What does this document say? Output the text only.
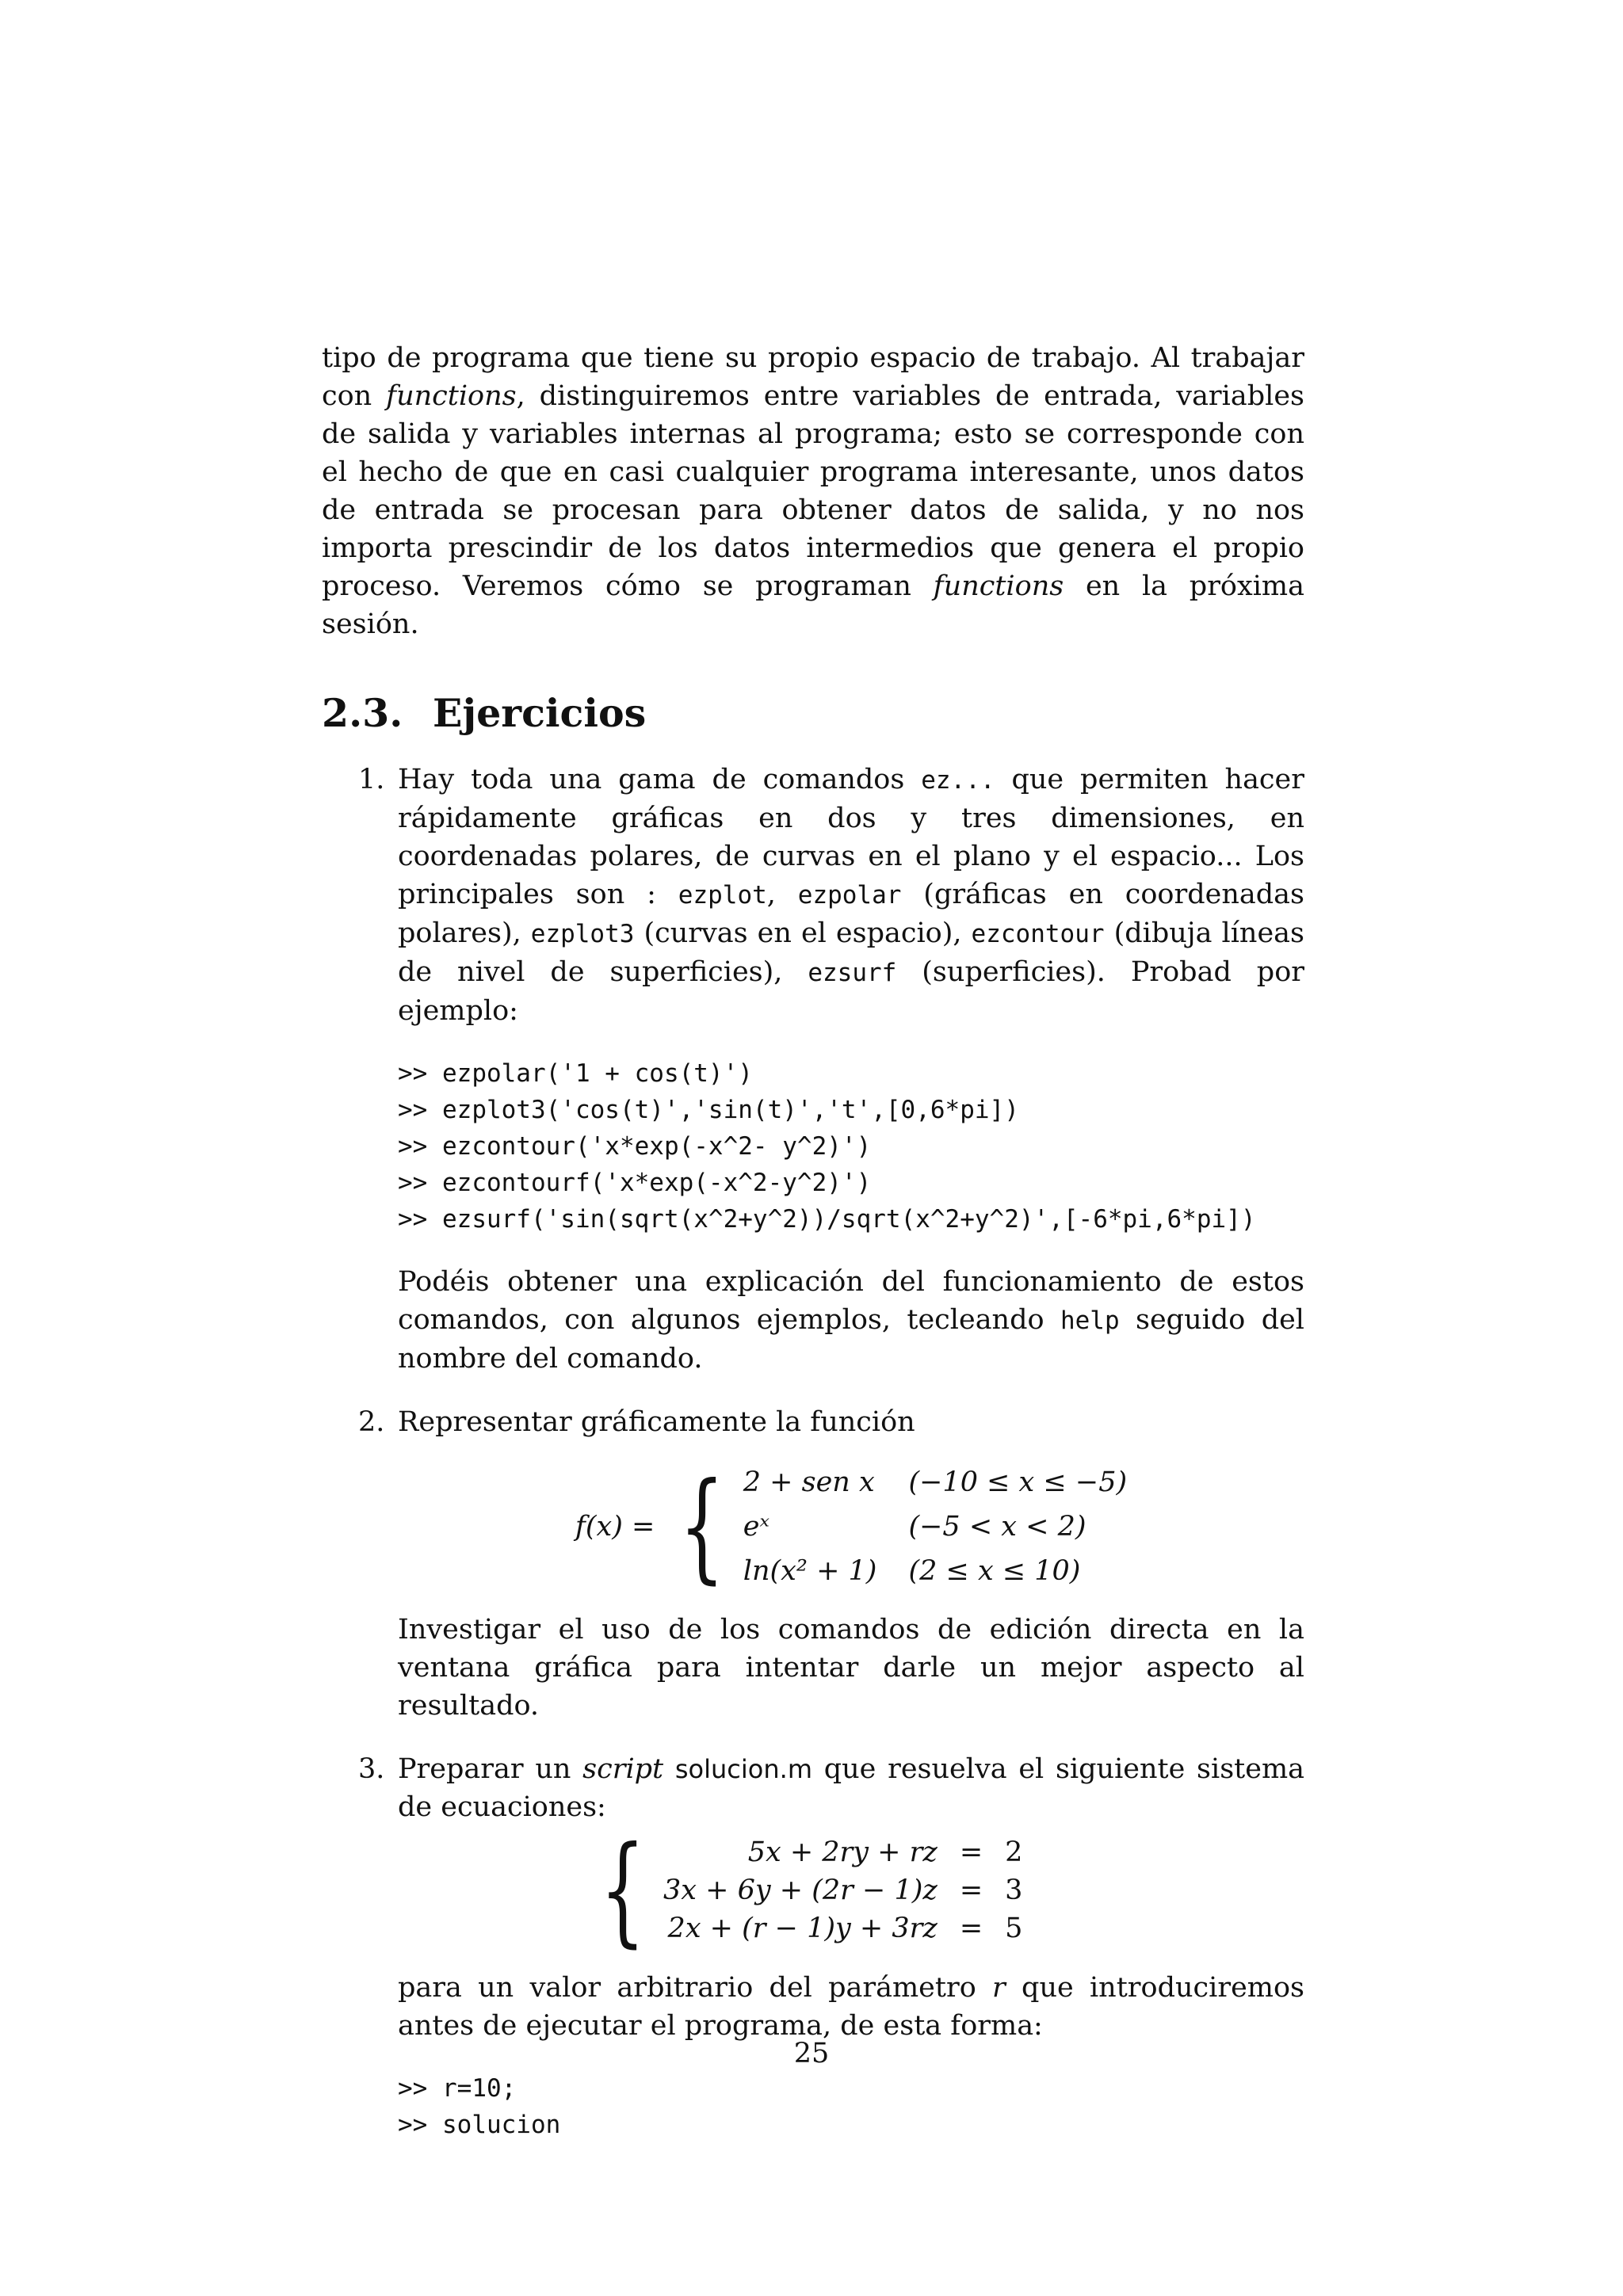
tipo de programa que tiene su propio espacio de trabajo. Al trabajar con functions, distinguiremos entre variables de entrada, variables de salida y variables internas al programa; esto se corresponde con el hecho de que en casi cualquier programa interesante, unos datos de entrada se procesan para obtener datos de salida, y no nos importa prescindir de los datos intermedios que genera el propio proceso. Veremos cómo se programan functions en la próxima sesión.

2.3. Ejercicios
1. Hay toda una gama de comandos ez... que permiten hacer rápidamente gráficas en dos y tres dimensiones, en coordenadas polares, de curvas en el plano y el espacio... Los principales son : ezplot, ezpolar (gráficas en coordenadas polares), ezplot3 (curvas en el espacio), ezcontour (dibuja líneas de nivel de superficies), ezsurf (superficies). Probad por ejemplo:

>> ezpolar('1 + cos(t)')
>> ezplot3('cos(t)','sin(t)','t',[0,6*pi])
>> ezcontour('x*exp(-x^2- y^2)')
>> ezcontourf('x*exp(-x^2-y^2)')
>> ezsurf('sin(sqrt(x^2+y^2))/sqrt(x^2+y^2)',[-6*pi,6*pi])

Podéis obtener una explicación del funcionamiento de estos comandos, con algunos ejemplos, tecleando help seguido del nombre del comando.

2. Representar gráficamente la función

f(x) = { 2 + sen x (−10 ≤ x ≤ −5)
eˣ	(−5 < x < 2)
ln(x² + 1) (2 ≤ x ≤ 10)

Investigar el uso de los comandos de edición directa en la ventana gráfica para intentar darle un mejor aspecto al resultado.

3. Preparar un script solucion.m que resuelva el siguiente sistema de ecuaciones:

{	5x + 2ry + rz = 2
3x + 6y + (2r − 1)z = 3
2x + (r − 1)y + 3rz = 5

para un valor arbitrario del parámetro r que introduciremos antes de ejecutar el programa, de esta forma:

>> r=10;
>> solucion
25
